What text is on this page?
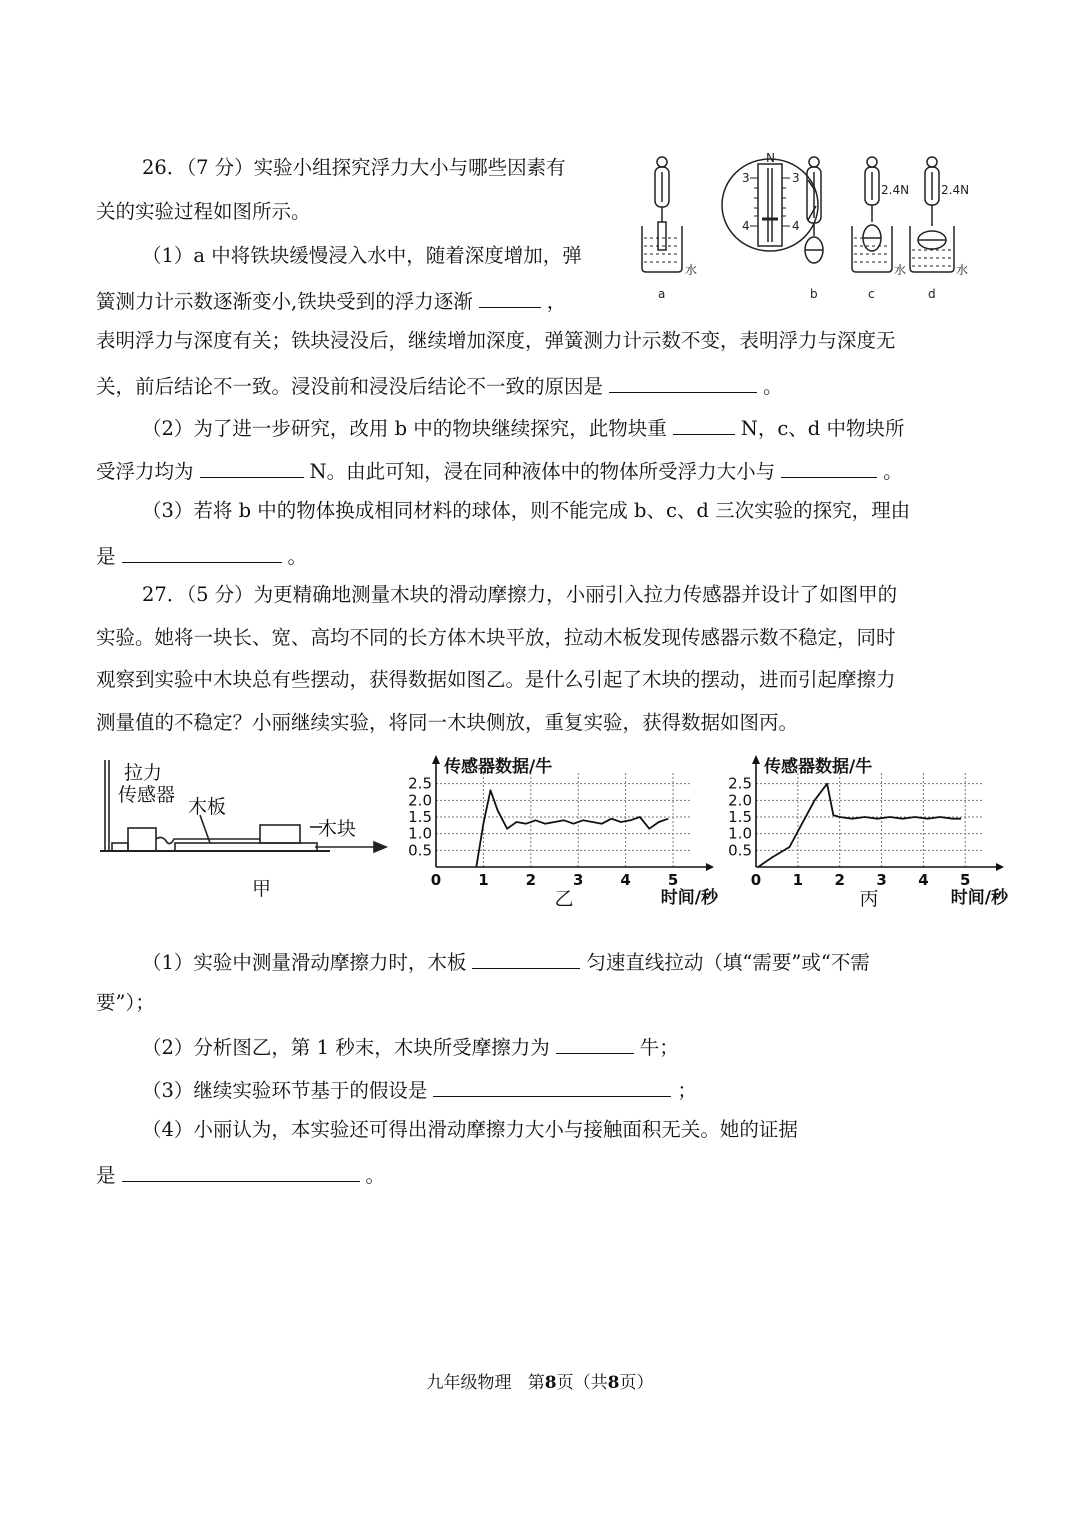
26．（7 分）实验小组探究浮力大小与哪些因素有
关的实验过程如图所示。
（1）a 中将铁块缓慢浸入水中，随着深度增加，弹
簧测力计示数逐渐变小,铁块受到的浮力逐渐	，
表明浮力与深度有关；铁块浸没后，继续增加深度，弹簧测力计示数不变，表明浮力与深度无
关，前后结论不一致。浸没前和浸没后结论不一致的原因是	。
（2）为了进一步研究，改用 b 中的物块继续探究，此物块重	N，c、d 中物块所
受浮力均为	N。由此可知，浸在同种液体中的物体所受浮力大小与	。
（3）若将 b 中的物体换成相同材料的球体，则不能完成 b、c、d 三次实验的探究，理由
是	。
水
a
N
3	3
4	4
b
2.4N
水
c
2.4N
水
d
27．（5 分）为更精确地测量木块的滑动摩擦力，小丽引入拉力传感器并设计了如图甲的
实验。她将一块长、宽、高均不同的长方体木块平放，拉动木板发现传感器示数不稳定，同时
观察到实验中木块总有些摆动，获得数据如图乙。是什么引起了木块的摆动，进而引起摩擦力
测量值的不稳定？小丽继续实验，将同一木块侧放，重复实验，获得数据如图丙。
拉力
传感器
木板
木块
甲
0.5
1.0
1.5
2.0
2.5
0 1 2 3 4 5
传感器数据/牛
时间/秒
乙
0.5
1.0
1.5
2.0
2.5
0 1 2 3 4 5
传感器数据/牛
时间/秒
丙
（1）实验中测量滑动摩擦力时，木板	匀速直线拉动（填“需要”或“不需
要”）；
（2）分析图乙，第 1 秒末，木块所受摩擦力为	牛；
（3）继续实验环节基于的假设是	；
（4）小丽认为，本实验还可得出滑动摩擦力大小与接触面积无关。她的证据
是	。
九年级物理 第8页（共8页）
